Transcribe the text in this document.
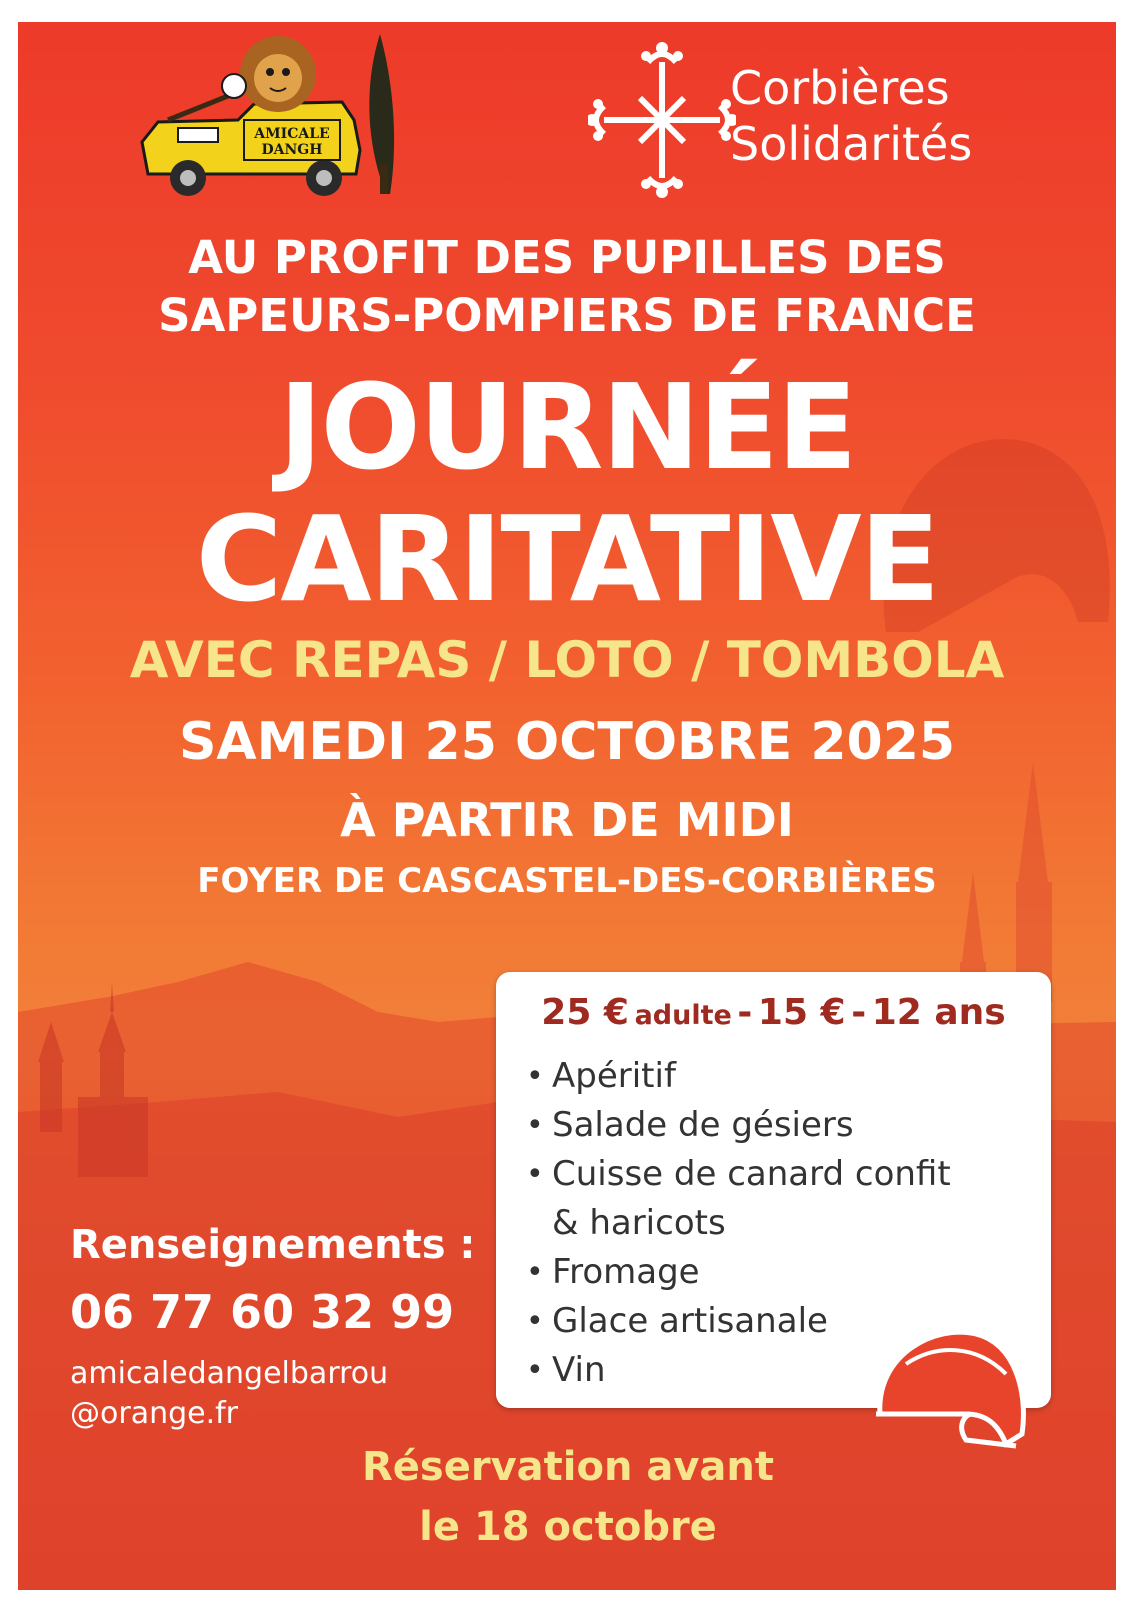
AMICALE
DANGH
Corbières
Solidarités
AU PROFIT DES PUPILLES DES
SAPEURS-POMPIERS DE FRANCE
JOURNÉE
CARITATIVE
AVEC REPAS / LOTO / TOMBOLA
SAMEDI 25 OCTOBRE 2025
À PARTIR DE MIDI
FOYER DE CASCASTEL-DES-CORBIÈRES
25 € adulte - 15 € - 12 ans
• Apéritif
• Salade de gésiers
• Cuisse de canard confit
& haricots
• Fromage
• Glace artisanale
• Vin
Renseignements :
06 77 60 32 99
amicaledangelbarrou
@orange.fr
Réservation avant
le 18 octobre
